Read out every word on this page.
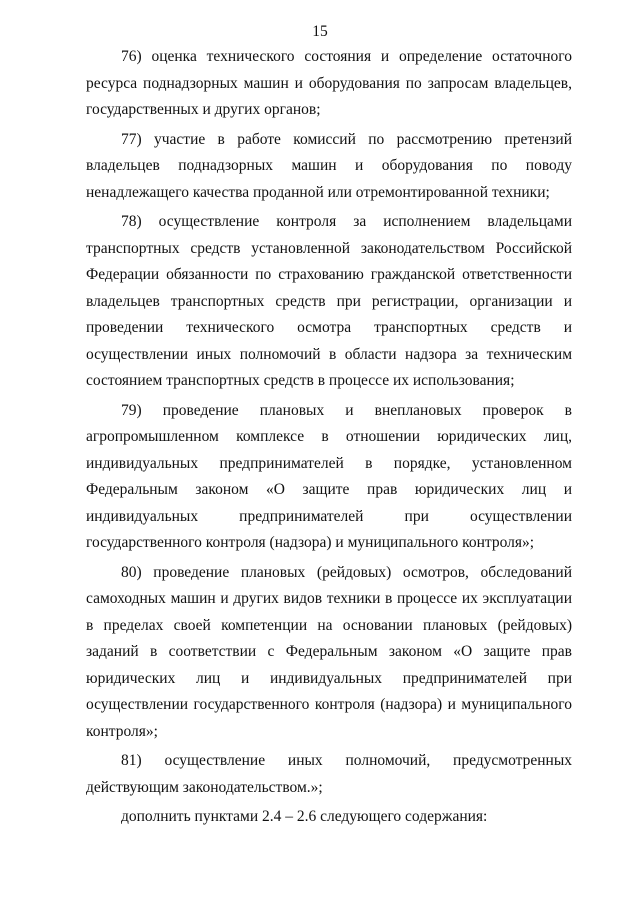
15

76) оценка технического состояния и определение остаточного ресурса поднадзорных машин и оборудования по запросам владельцев, государственных и других органов;

77) участие в работе комиссий по рассмотрению претензий владельцев поднадзорных машин и оборудования по поводу ненадлежащего качества проданной или отремонтированной техники;

78) осуществление контроля за исполнением владельцами транспортных средств установленной законодательством Российской Федерации обязанности по страхованию гражданской ответственности владельцев транспортных средств при регистрации, организации и проведении технического осмотра транспортных средств и осуществлении иных полномочий в области надзора за техническим состоянием транспортных средств в процессе их использования;

79) проведение плановых и внеплановых проверок в агропромышленном комплексе в отношении юридических лиц, индивидуальных предпринимателей в порядке, установленном Федеральным законом «О защите прав юридических лиц и индивидуальных предпринимателей при осуществлении государственного контроля (надзора) и муниципального контроля»;

80) проведение плановых (рейдовых) осмотров, обследований самоходных машин и других видов техники в процессе их эксплуатации в пределах своей компетенции на основании плановых (рейдовых) заданий в соответствии с Федеральным законом «О защите прав юридических лиц и индивидуальных предпринимателей при осуществлении государственного контроля (надзора) и муниципального контроля»;

81) осуществление иных полномочий, предусмотренных действующим законодательством.»;

дополнить пунктами 2.4 – 2.6 следующего содержания:
